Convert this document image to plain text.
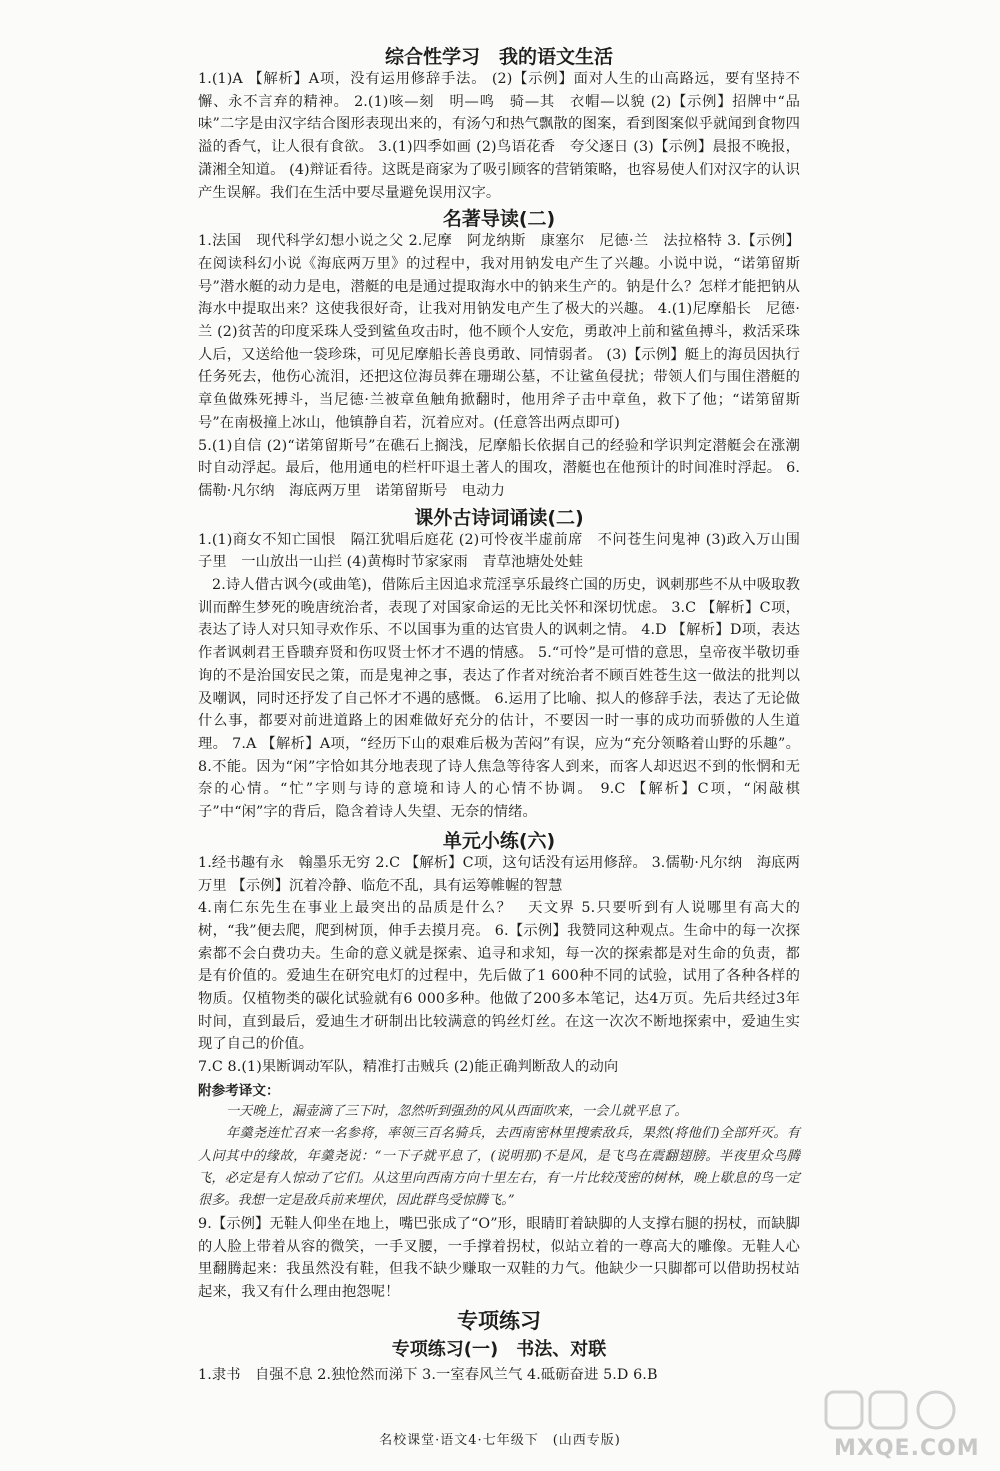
综合性学习　我的语文生活

1.(1)A 【解析】A项，没有运用修辞手法。 (2)【示例】面对人生的山高路远，要有坚持不懈、永不言弃的精神。 2.(1)咳—刻　明—鸣　骑—其　衣帽—以貌 (2)【示例】招牌中“品味”二字是由汉字结合图形表现出来的，有汤勺和热气飘散的图案，看到图案似乎就闻到食物四溢的香气，让人很有食欲。 3.(1)四季如画 (2)鸟语花香　夸父逐日 (3)【示例】晨报不晚报，潇湘全知道。 (4)辩证看待。这既是商家为了吸引顾客的营销策略，也容易使人们对汉字的认识产生误解。我们在生活中要尽量避免误用汉字。

名著导读(二)

1.法国　现代科学幻想小说之父 2.尼摩　阿龙纳斯　康塞尔　尼德·兰　法拉格特 3.【示例】在阅读科幻小说《海底两万里》的过程中，我对用钠发电产生了兴趣。小说中说，“诺第留斯号”潜水艇的动力是电，潜艇的电是通过提取海水中的钠来生产的。钠是什么？怎样才能把钠从海水中提取出来？这使我很好奇，让我对用钠发电产生了极大的兴趣。 4.(1)尼摩船长　尼德·兰 (2)贫苦的印度采珠人受到鲨鱼攻击时，他不顾个人安危，勇敢冲上前和鲨鱼搏斗，救活采珠人后，又送给他一袋珍珠，可见尼摩船长善良勇敢、同情弱者。 (3)【示例】艇上的海员因执行任务死去，他伤心流泪，还把这位海员葬在珊瑚公墓，不让鲨鱼侵扰；带领人们与围住潜艇的章鱼做殊死搏斗，当尼德·兰被章鱼触角掀翻时，他用斧子击中章鱼，救下了他；“诺第留斯号”在南极撞上冰山，他镇静自若，沉着应对。(任意答出两点即可)

5.(1)自信 (2)“诺第留斯号”在礁石上搁浅，尼摩船长依据自己的经验和学识判定潜艇会在涨潮时自动浮起。最后，他用通电的栏杆吓退土著人的围攻，潜艇也在他预计的时间准时浮起。 6.儒勒·凡尔纳　海底两万里　诺第留斯号　电动力

课外古诗词诵读(二)

1.(1)商女不知亡国恨　隔江犹唱后庭花 (2)可怜夜半虚前席　不问苍生问鬼神 (3)政入万山围子里　一山放出一山拦 (4)黄梅时节家家雨　青草池塘处处蛙

2.诗人借古讽今(或曲笔)，借陈后主因追求荒淫享乐最终亡国的历史，讽刺那些不从中吸取教训而醉生梦死的晚唐统治者，表现了对国家命运的无比关怀和深切忧虑。 3.C 【解析】C项，表达了诗人对只知寻欢作乐、不以国事为重的达官贵人的讽刺之情。 4.D 【解析】D项，表达作者讽刺君王昏聩弃贤和伤叹贤士怀才不遇的情感。 5.“可怜”是可惜的意思，皇帝夜半敬切垂询的不是治国安民之策，而是鬼神之事，表达了作者对统治者不顾百姓苍生这一做法的批判以及嘲讽，同时还抒发了自己怀才不遇的感慨。 6.运用了比喻、拟人的修辞手法，表达了无论做什么事，都要对前进道路上的困难做好充分的估计，不要因一时一事的成功而骄傲的人生道理。 7.A 【解析】A项，“经历下山的艰难后极为苦闷”有误，应为“充分领略着山野的乐趣”。 8.不能。因为“闲”字恰如其分地表现了诗人焦急等待客人到来，而客人却迟迟不到的怅惘和无奈的心情。“忙”字则与诗的意境和诗人的心情不协调。 9.C 【解析】C项，“闲敲棋子”中“闲”字的背后，隐含着诗人失望、无奈的情绪。

单元小练(六)

1.经书趣有永　翰墨乐无穷 2.C 【解析】C项，这句话没有运用修辞。 3.儒勒·凡尔纳　海底两万里 【示例】沉着冷静、临危不乱，具有运筹帷幄的智慧

4.南仁东先生在事业上最突出的品质是什么？　天文界 5.只要听到有人说哪里有高大的树，“我”便去爬，爬到树顶，伸手去摸月亮。 6.【示例】我赞同这种观点。生命中的每一次探索都不会白费功夫。生命的意义就是探索、追寻和求知，每一次的探索都是对生命的负责，都是有价值的。爱迪生在研究电灯的过程中，先后做了1 600种不同的试验，试用了各种各样的物质。仅植物类的碳化试验就有6 000多种。他做了200多本笔记，达4万页。先后共经过3年时间，直到最后，爱迪生才研制出比较满意的钨丝灯丝。在这一次次不断地探索中，爱迪生实现了自己的价值。

7.C 8.(1)果断调动军队，精准打击贼兵 (2)能正确判断敌人的动向

附参考译文：

一天晚上，漏壶滴了三下时，忽然听到强劲的风从西面吹来，一会儿就平息了。

年羹尧连忙召来一名参将，率领三百名骑兵，去西南密林里搜索敌兵，果然(将他们)全部歼灭。有人问其中的缘故，年羹尧说：“一下子就平息了，(说明那)不是风，是飞鸟在震翻翅膀。半夜里众鸟腾飞，必定是有人惊动了它们。从这里向西南方向十里左右，有一片比较茂密的树林，晚上歇息的鸟一定很多。我想一定是敌兵前来埋伏，因此群鸟受惊腾飞。”

9.【示例】无鞋人仰坐在地上，嘴巴张成了“O”形，眼睛盯着缺脚的人支撑右腿的拐杖，而缺脚的人脸上带着从容的微笑，一手叉腰，一手撑着拐杖，似站立着的一尊高大的雕像。无鞋人心里翻腾起来：我虽然没有鞋，但我不缺少赚取一双鞋的力气。他缺少一只脚都可以借助拐杖站起来，我又有什么理由抱怨呢！

专项练习
专项练习(一)　书法、对联

1.隶书　自强不息 2.独怆然而涕下 3.一室春风兰气 4.砥砺奋进 5.D 6.B

名校课堂·语文4·七年级下　(山西专版)	MXQE.COM
